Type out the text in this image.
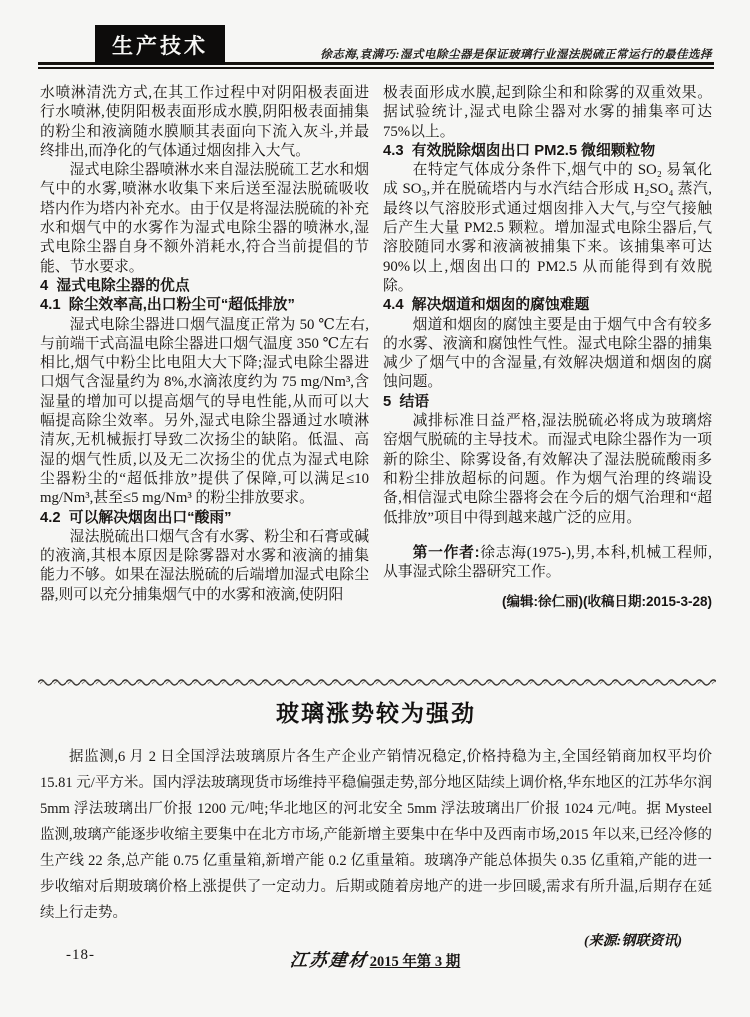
生产技术	徐志海,袁满巧:湿式电除尘器是保证玻璃行业湿法脱硫正常运行的最佳选择

水喷淋清洗方式,在其工作过程中对阴阳极表面进行水喷淋,使阴阳极表面形成水膜,阴阳极表面捕集的粉尘和液滴随水膜顺其表面向下流入灰斗,并最终排出,而净化的气体通过烟囱排入大气。

湿式电除尘器喷淋水来自湿法脱硫工艺水和烟气中的水雾,喷淋水收集下来后送至湿法脱硫吸收塔内作为塔内补充水。由于仅是将湿法脱硫的补充水和烟气中的水雾作为湿式电除尘器的喷淋水,湿式电除尘器自身不额外消耗水,符合当前提倡的节能、节水要求。

4  湿式电除尘器的优点

4.1  除尘效率高,出口粉尘可“超低排放”

湿式电除尘器进口烟气温度正常为 50 ℃左右,与前端干式高温电除尘器进口烟气温度 350 ℃左右相比,烟气中粉尘比电阻大大下降;湿式电除尘器进口烟气含湿量约为 8%,水滴浓度约为 75 mg/Nm³,含湿量的增加可以提高烟气的导电性能,从而可以大幅提高除尘效率。另外,湿式电除尘器通过水喷淋清灰,无机械振打导致二次扬尘的缺陷。低温、高湿的烟气性质,以及无二次扬尘的优点为湿式电除尘器粉尘的“超低排放”提供了保障,可以满足≤10 mg/Nm³,甚至≤5 mg/Nm³ 的粉尘排放要求。

4.2  可以解决烟囱出口“酸雨”

湿法脱硫出口烟气含有水雾、粉尘和石膏或碱的液滴,其根本原因是除雾器对水雾和液滴的捕集能力不够。如果在湿法脱硫的后端增加湿式电除尘器,则可以充分捕集烟气中的水雾和液滴,使阴阳

极表面形成水膜,起到除尘和和除雾的双重效果。据试验统计,湿式电除尘器对水雾的捕集率可达 75%以上。

4.3  有效脱除烟囱出口 PM2.5 微细颗粒物

在特定气体成分条件下,烟气中的 SO₂ 易氧化成 SO₃,并在脱硫塔内与水汽结合形成 H₂SO₄ 蒸汽,最终以气溶胶形式通过烟囱排入大气,与空气接触后产生大量 PM2.5 颗粒。增加湿式电除尘器后,气溶胶随同水雾和液滴被捕集下来。该捕集率可达 90%以上,烟囱出口的 PM2.5 从而能得到有效脱除。

4.4  解决烟道和烟囱的腐蚀难题

烟道和烟囱的腐蚀主要是由于烟气中含有较多的水雾、液滴和腐蚀性气性。湿式电除尘器的捕集减少了烟气中的含湿量,有效解决烟道和烟囱的腐蚀问题。

5  结语

减排标准日益严格,湿法脱硫必将成为玻璃熔窑烟气脱硫的主导技术。而湿式电除尘器作为一项新的除尘、除雾设备,有效解决了湿法脱硫酸雨多和粉尘排放超标的问题。作为烟气治理的终端设备,相信湿式电除尘器将会在今后的烟气治理和“超低排放”项目中得到越来越广泛的应用。

第一作者:徐志海(1975-),男,本科,机械工程师,从事湿式除尘器研究工作。

(编辑:徐仁丽)(收稿日期:2015-3-28)

玻璃涨势较为强劲

据监测,6 月 2 日全国浮法玻璃原片各生产企业产销情况稳定,价格持稳为主,全国经销商加权平均价 15.81 元/平方米。国内浮法玻璃现货市场维持平稳偏强走势,部分地区陆续上调价格,华东地区的江苏华尔润 5mm 浮法玻璃出厂价报 1200 元/吨;华北地区的河北安全 5mm 浮法玻璃出厂价报 1024 元/吨。据 Mysteel 监测,玻璃产能逐步收缩主要集中在北方市场,产能新增主要集中在华中及西南市场,2015 年以来,已经冷修的生产线 22 条,总产能 0.75 亿重量箱,新增产能 0.2 亿重量箱。玻璃净产能总体损失 0.35 亿重箱,产能的进一步收缩对后期玻璃价格上涨提供了一定动力。后期或随着房地产的进一步回暖,需求有所升温,后期存在延续上行走势。

(来源:钢联资讯)

-18-	江苏建材2015 年第 3 期
